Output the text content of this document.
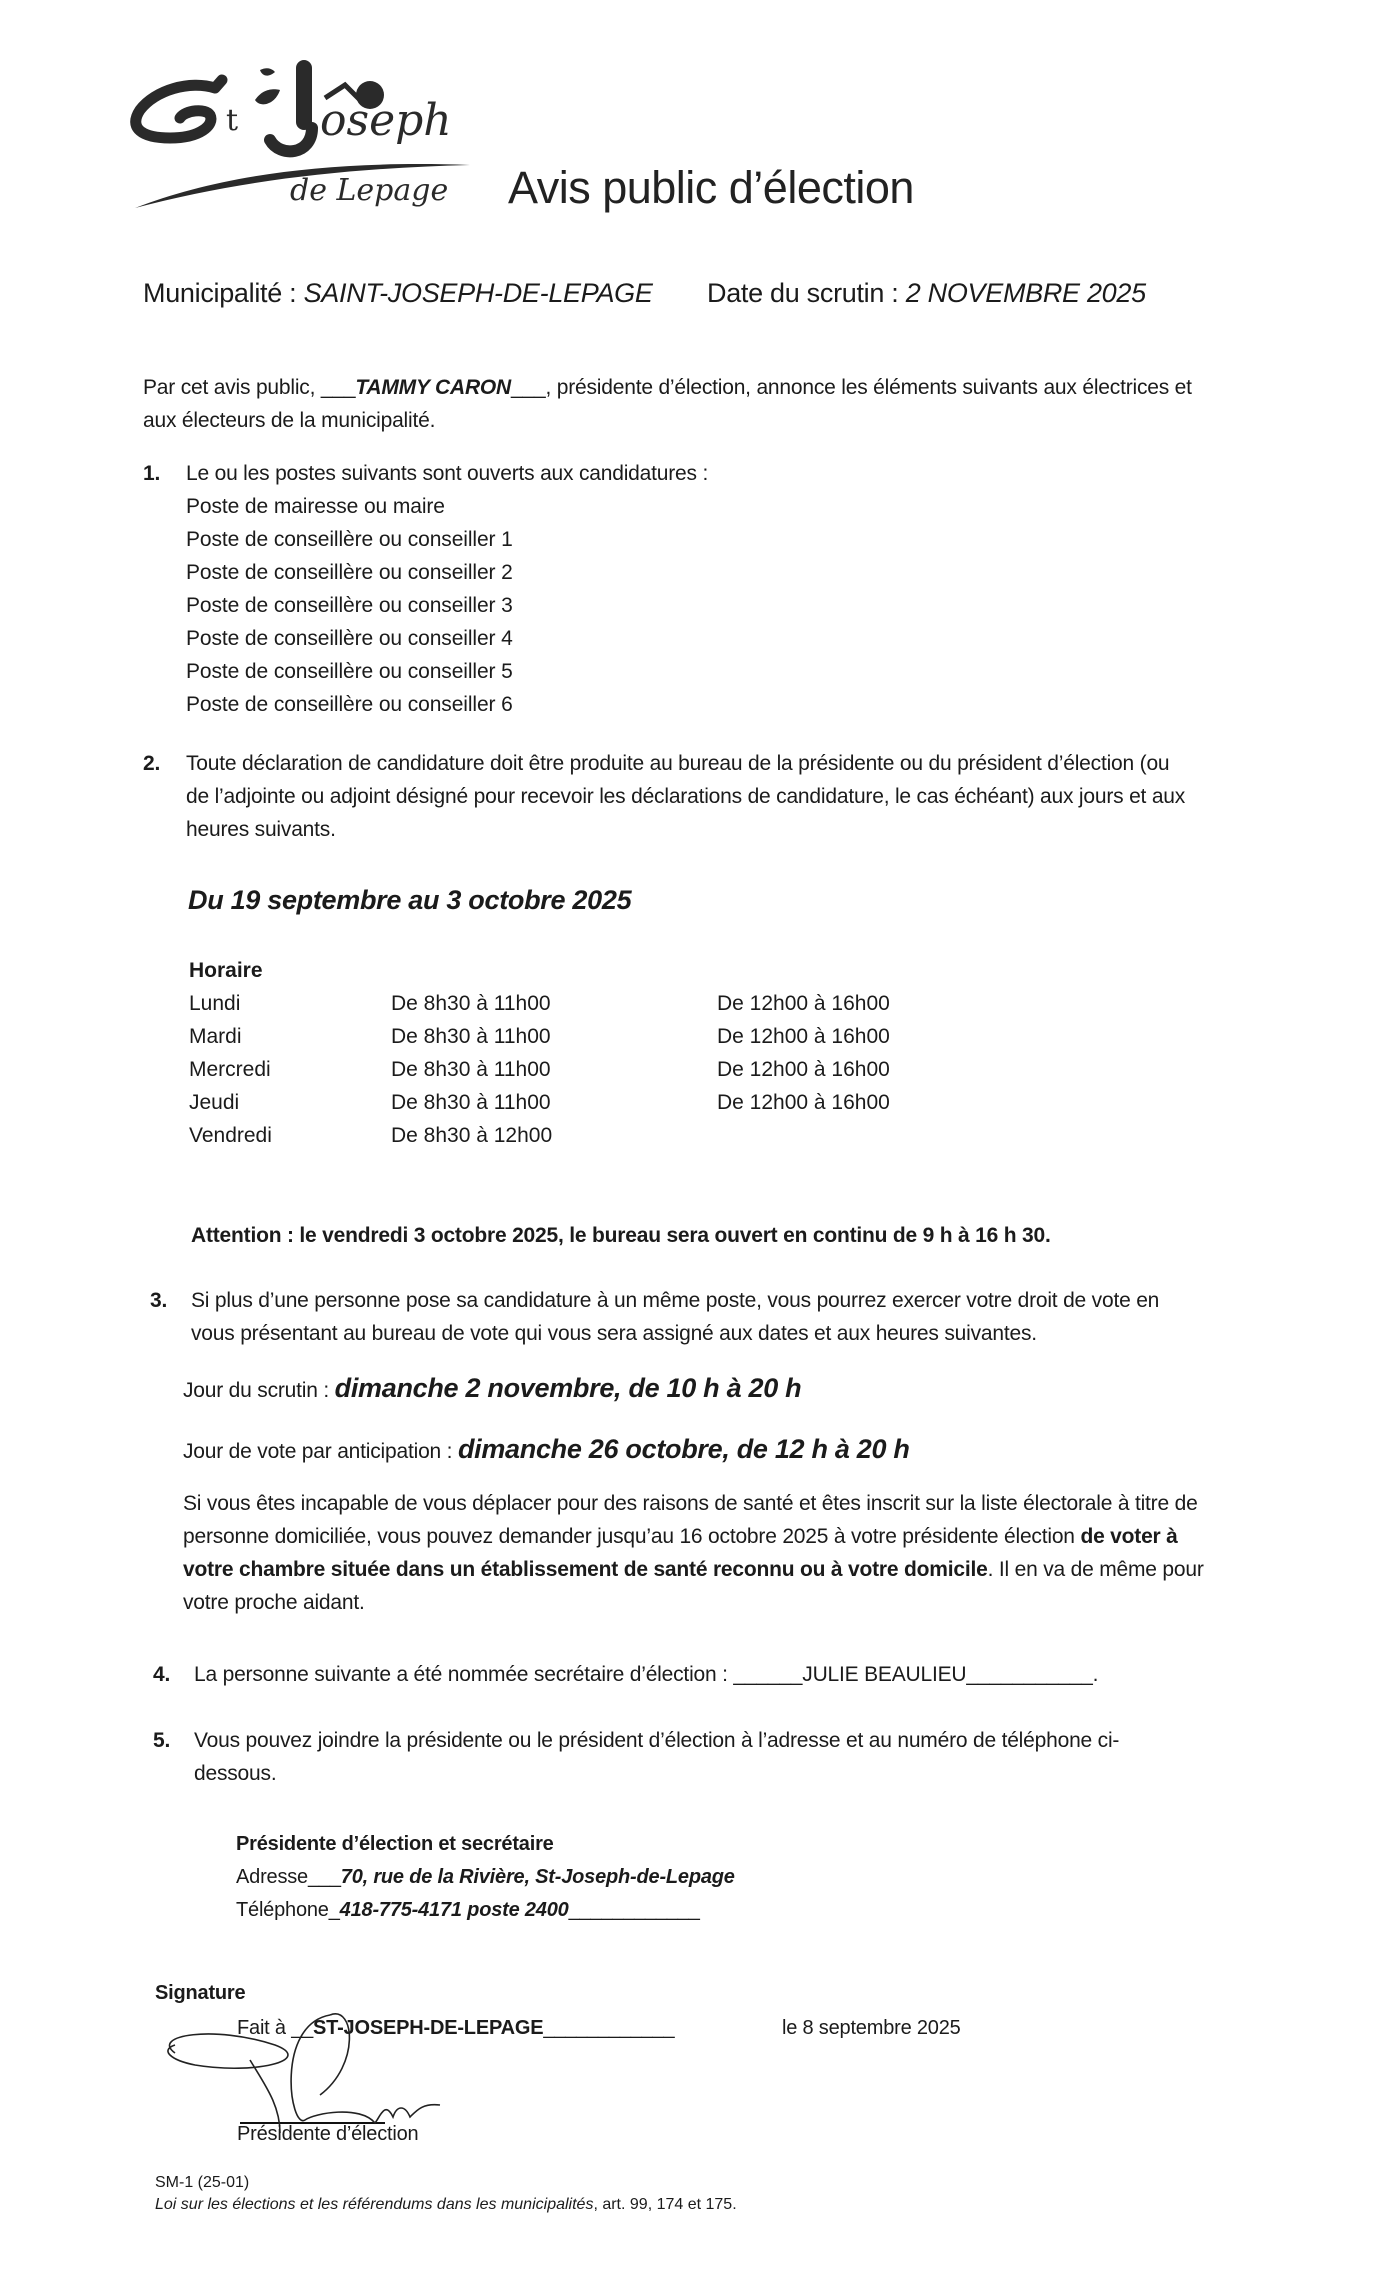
t oseph
de Lepage Avis public d’élection
Municipalité : SAINT-JOSEPH-DE-LEPAGE Date du scrutin : 2 NOVEMBRE 2025
Par cet avis public, ___TAMMY CARON___, présidente d’élection, annonce les éléments suivants aux électrices et
aux électeurs de la municipalité.
1. Le ou les postes suivants sont ouverts aux candidatures :
Poste de mairesse ou maire
Poste de conseillère ou conseiller 1
Poste de conseillère ou conseiller 2
Poste de conseillère ou conseiller 3
Poste de conseillère ou conseiller 4
Poste de conseillère ou conseiller 5
Poste de conseillère ou conseiller 6
2. Toute déclaration de candidature doit être produite au bureau de la présidente ou du président d’élection (ou
de l’adjointe ou adjoint désigné pour recevoir les déclarations de candidature, le cas échéant) aux jours et aux
heures suivants.
Du 19 septembre au 3 octobre 2025
Horaire
Lundi	De 8h30 à 11h00	De 12h00 à 16h00
Mardi	De 8h30 à 11h00	De 12h00 à 16h00
Mercredi	De 8h30 à 11h00	De 12h00 à 16h00
Jeudi	De 8h30 à 11h00	De 12h00 à 16h00
Vendredi	De 8h30 à 12h00
Attention : le vendredi 3 octobre 2025, le bureau sera ouvert en continu de 9 h à 16 h 30.
3. Si plus d’une personne pose sa candidature à un même poste, vous pourrez exercer votre droit de vote en
vous présentant au bureau de vote qui vous sera assigné aux dates et aux heures suivantes.
Jour du scrutin : dimanche 2 novembre, de 10 h à 20 h
Jour de vote par anticipation : dimanche 26 octobre, de 12 h à 20 h
Si vous êtes incapable de vous déplacer pour des raisons de santé et êtes inscrit sur la liste électorale à titre de
personne domiciliée, vous pouvez demander jusqu’au 16 octobre 2025 à votre présidente élection de voter à
votre chambre située dans un établissement de santé reconnu ou à votre domicile. Il en va de même pour
votre proche aidant.
4. La personne suivante a été nommée secrétaire d’élection : ______JULIE BEAULIEU___________.
5. Vous pouvez joindre la présidente ou le président d’élection à l’adresse et au numéro de téléphone ci-
dessous.
Présidente d’élection et secrétaire
Adresse___70, rue de la Rivière, St-Joseph-de-Lepage
Téléphone_418-775-4171 poste 2400____________
Signature
Fait à __ST-JOSEPH-DE-LEPAGE____________	le 8 septembre 2025
Présidente d’élection
SM-1 (25-01)
Loi sur les élections et les référendums dans les municipalités, art. 99, 174 et 175.
